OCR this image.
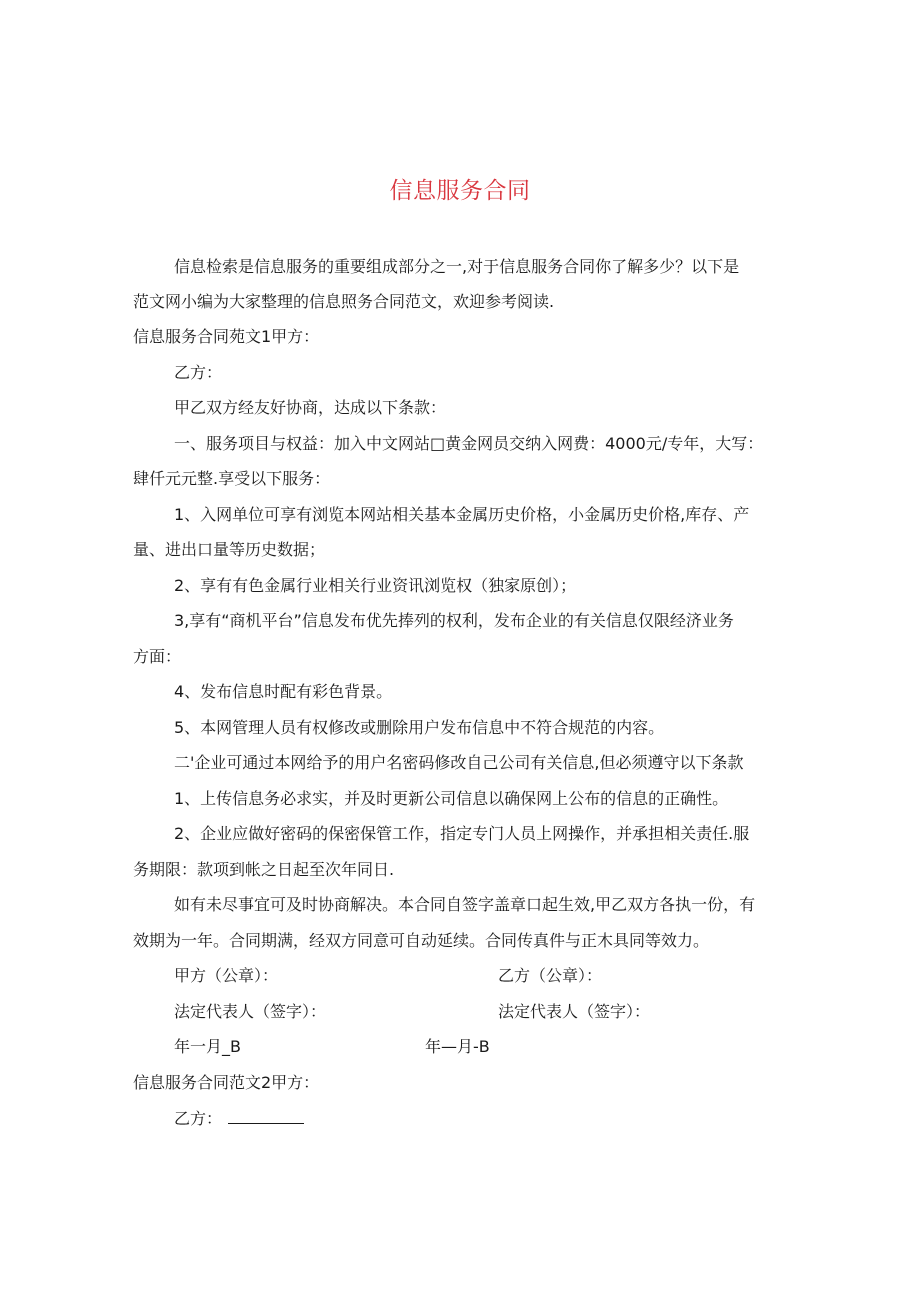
信息服务合同

信息检索是信息服务的重要组成部分之一,对于信息服务合同你了解多少？以下是

范文网小编为大家整理的信息照务合同范文，欢迎参考阅读.

信息服务合同苑文1甲方：

乙方：

甲乙双方经友好协商，达成以下条款：

一、服务项目与权益：加入中文网站□黄金网员交纳入网费：4000元/专年，大写：

肆仟元元整.享受以下服务：

1、入网单位可享有浏览本网站相关基本金属历史价格，小金属历史价格,库存、产

量、进出口量等历史数据；

2、享有有色金属行业相关行业资讯浏览权（独家原创）；

3,享有“商机平台”信息发布优先捧列的权利，发布企业的有关信息仅限经济业务

方面：

4、发布信息时配有彩色背景。

5、本网管理人员有权修改或删除用户发布信息中不符合规范的内容。

二'企业可通过本网给予的用户名密码修改自己公司有关信息,但必须遵守以下条款

1、上传信息务必求实，并及时更新公司信息以确保网上公布的信息的正确性。

2、企业应做好密码的保密保管工作，指定专门人员上网操作，并承担相关责任.服

务期限：款项到帐之日起至次年同日.

如有未尽事宜可及时协商解决。本合同自签字盖章口起生效,甲乙双方各执一份，有

效期为一年。合同期满，经双方同意可自动延续。合同传真件与正木具同等效力。

甲方（公章）：	乙方（公章）：

法定代表人（签字）：	法定代表人（签字）：

年一月_B	年—月-B

信息服务合同范文2甲方：

乙方：
